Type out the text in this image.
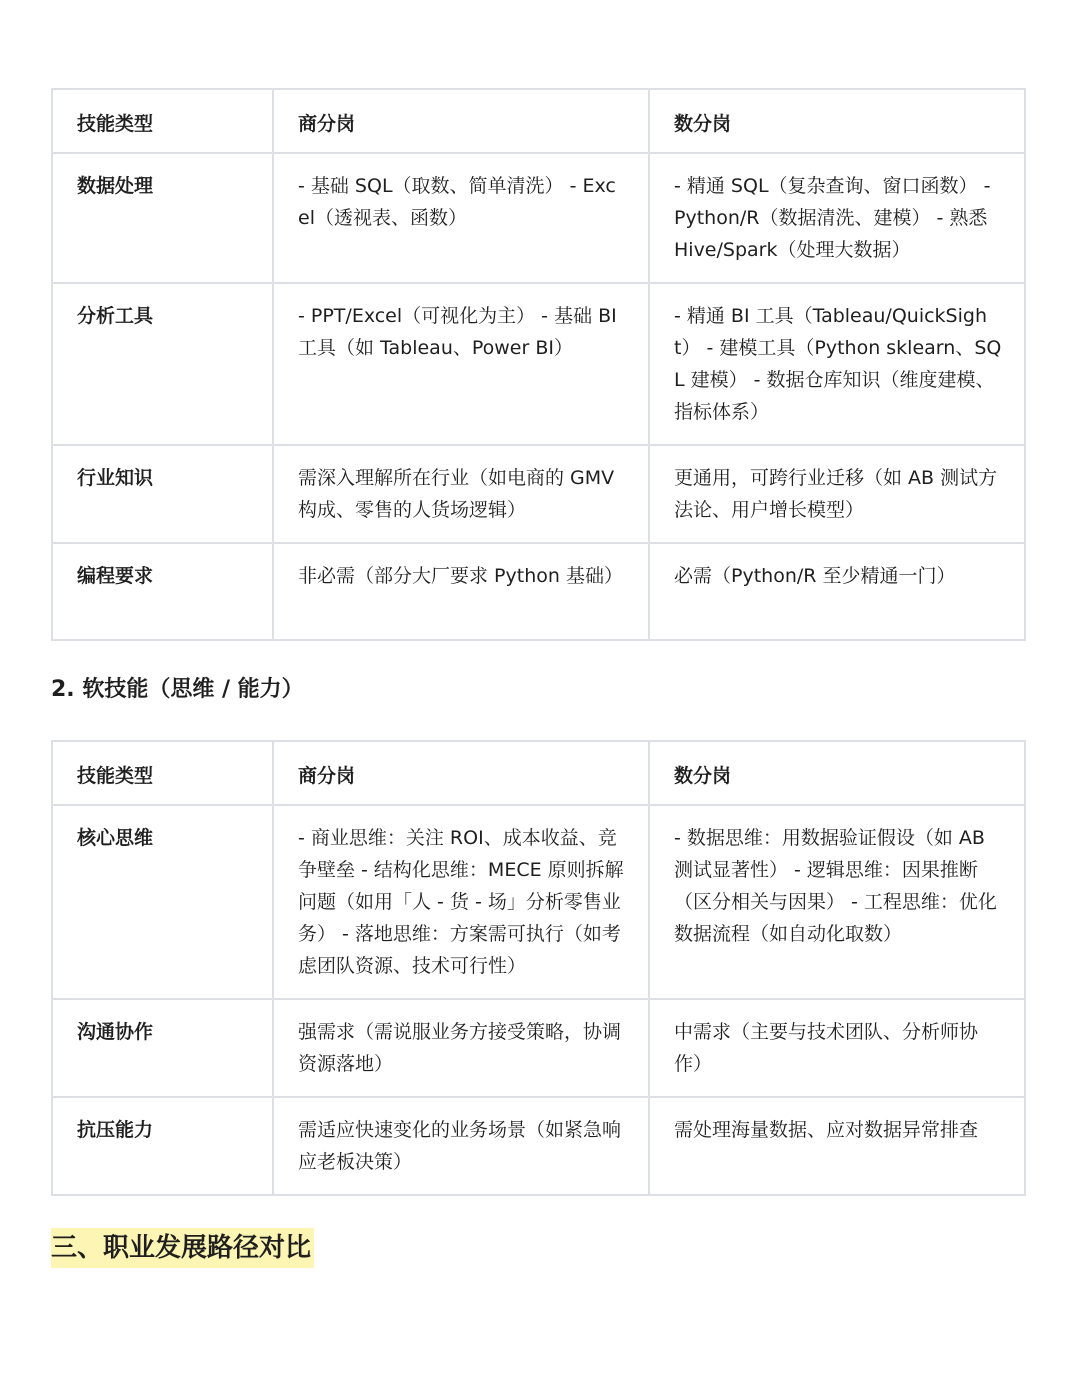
技能类型	商分岗	数分岗
数据处理	- 基础 SQL（取数、简单清洗） - Excel（透视表、函数）	- 精通 SQL（复杂查询、窗口函数） - Python/R（数据清洗、建模） - 熟悉 Hive/Spark（处理大数据）
分析工具	- PPT/Excel（可视化为主） - 基础 BI 工具（如 Tableau、Power BI）	- 精通 BI 工具（Tableau/QuickSight） - 建模工具（Python sklearn、SQL 建模） - 数据仓库知识（维度建模、指标体系）
行业知识	需深入理解所在行业（如电商的 GMV 构成、零售的人货场逻辑）	更通用，可跨行业迁移（如 AB 测试方法论、用户增长模型）
编程要求	非必需（部分大厂要求 Python 基础）	必需（Python/R 至少精通一门）
2. 软技能（思维 / 能力）
技能类型	商分岗	数分岗
核心思维	- 商业思维：关注 ROI、成本收益、竞争壁垒 - 结构化思维：MECE 原则拆解问题（如用「人 - 货 - 场」分析零售业务） - 落地思维：方案需可执行（如考虑团队资源、技术可行性）	- 数据思维：用数据验证假设（如 AB 测试显著性） - 逻辑思维：因果推断（区分相关与因果） - 工程思维：优化数据流程（如自动化取数）
沟通协作	强需求（需说服业务方接受策略，协调资源落地）	中需求（主要与技术团队、分析师协作）
抗压能力	需适应快速变化的业务场景（如紧急响应老板决策）	需处理海量数据、应对数据异常排查
三、职业发展路径对比
